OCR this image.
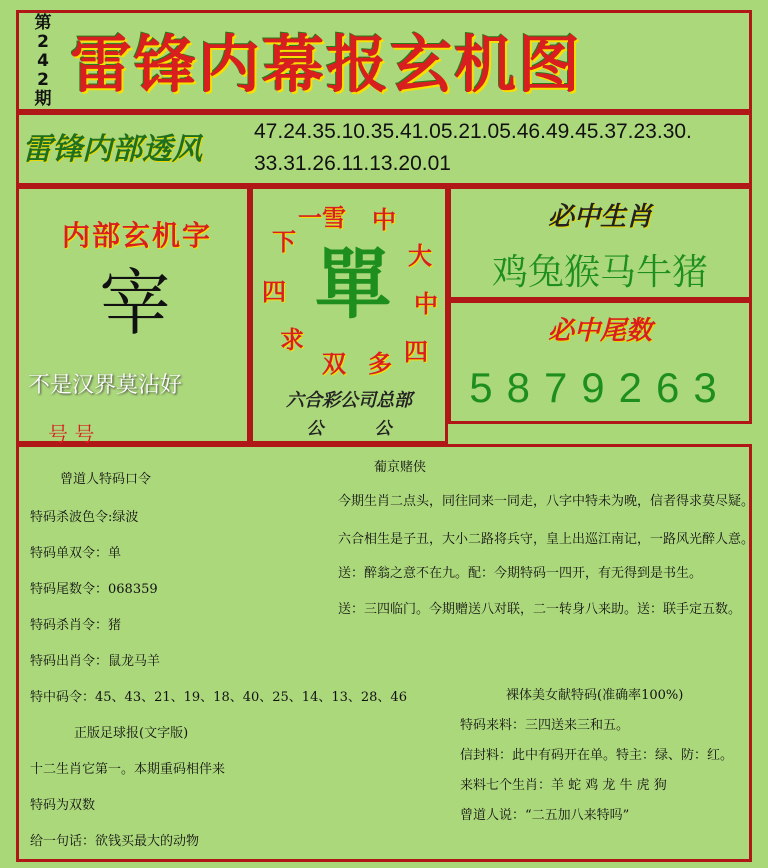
第
2
4
2
期 雷锋内幕报玄机图
雷锋内部透风
47.24.35.10.35.41.05.21.05.46.49.45.37.23.30.
33.31.26.11.13.20.01
内部玄机字
宰
不是汉界莫沾好
号 号
雪 中
大
中
四
多
双
求
四
下
一
單
六合彩公司总部
公　　　公
必中生肖
鸡兔猴马牛猪
必中尾数
5879263
曾道人特码口令
特码杀波色令:绿波
特码单双令：单
特码尾数令：068359
特码杀肖令：猪
特码出肖令：鼠龙马羊
特中码令：45、43、21、19、18、40、25、14、13、28、46
正版足球报(文字版)
十二生肖它第一。本期重码相伴来
特码为双数
给一句话：欲钱买最大的动物
葡京赌侠
今期生肖二点头，同往同来一同走，八字中特未为晚，信者得求莫尽疑。
六合相生是子丑，大小二路将兵守，皇上出巡江南记，一路风光醉人意。
送：醉翁之意不在九。配：今期特码一四开，有无得到是书生。
送：三四临门。今期赠送八对联，二一转身八来助。送：联手定五数。
裸体美女献特码(准确率100%)
特码来料：三四送来三和五。
信封料：此中有码开在单。特主：绿、防：红。
来料七个生肖：羊 蛇 鸡 龙 牛 虎 狗
曾道人说：“二五加八来特吗”
